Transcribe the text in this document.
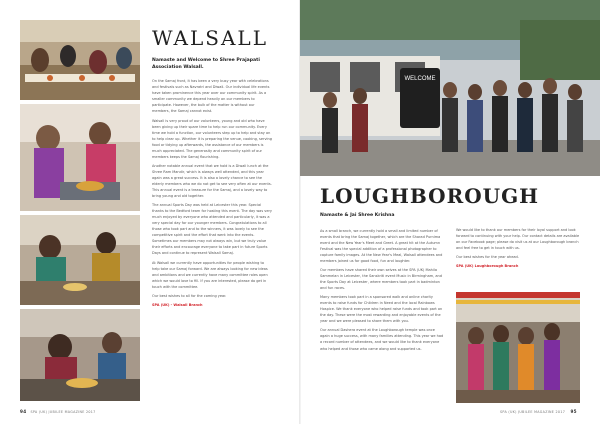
WALSALL
Namaste and Welcome to Shree Prajapati Association Walsall.

On the Samaj front, it has been a very busy year with celebrations and festivals such as Navratri and Diwali. Our individual life events have taken prominence this year over our community spirit. As a smaller community we depend heavily on our members to participate. However, the bulk of the matter is without our members, the Samaj cannot exist.

Walsall is very proud of our volunteers, young and old who have been giving up their spare time to help run our community. Every time we hold a function, our volunteers step up to help and stay on to help clear up. Whether it is preparing the venue, cooking, serving food or tidying up afterwards, the assistance of our members is much appreciated. The generosity and community spirit of our members keeps the Samaj flourishing.

Another notable annual event that we hold is a Diwali lunch at the Shree Ram Mandir, which is always well attended, and this year again was a great success. It is also a lovely chance to see the elderly members who we do not get to see very often at our events. This annual event is a treasure for the Samaj, and a lovely way to bring young and old together.

The annual Sports Day was held at Leicester this year. Special thanks to the Bedford team for hosting this event. The day was very much enjoyed by everyone who attended and particularly, it was a very special day for our younger members. Congratulations to all those who took part and to the winners, it was lovely to see the competitive spirit and the effort that went into the events. Sometimes our members may not always win, but we truly value their efforts and encourage everyone to take part in future Sports Days and continue to represent Walsall Samaj.

At Walsall we currently have opportunities for people wishing to help take our Samaj forward. We are always looking for new ideas and ambitions and we currently have many committee roles open which we would love to fill. If you are interested, please do get in touch with the committee.

Our best wishes to all for the coming year.

SPA (UK) - Walsall Branch

94 SPA (UK) JUBILEE MAGAZINE 2017
WELCOME
LOUGHBOROUGH
Namaste & Jai Shree Krishna

As a small branch, we currently hold a small and limited number of events that bring the Samaj together, which are the Sharad Purnima event and the New Year's Meet and Greet. A great hit at the Autumn Festival was the special addition of a professional photographer to capture family images. At the New Year's Meal, Walsall attendees and members joined us for good food, fun and laughter.

Our members have shared their own selves at the SPA (UK) Mahila Sammelan in Leicester, the Sanskriti event Music in Birmingham, and the Sports Day at Leicester, where members took part in badminton and fun races.

Many members took part in a sponsored walk and online charity events to raise funds for Children in Need and the local Rainbows Hospice. We thank everyone who helped raise funds and took part on the day. These were the most rewarding and enjoyable events of the year and we were pleased to share them with you.

Our annual Dashera event at the Loughborough temple was once again a huge success, with many families attending. This year we had a record number of attendees, and we would like to thank everyone who helped and those who came along and supported us.

We would like to thank our members for their loyal support and look forward to continuing with your help. Our contact details are available on our Facebook page; please do visit us at our Loughborough branch and feel free to get in touch with us.

Our best wishes for the year ahead.

SPA (UK) Loughborough Branch

SPA (UK) JUBILEE MAGAZINE 2017 95
